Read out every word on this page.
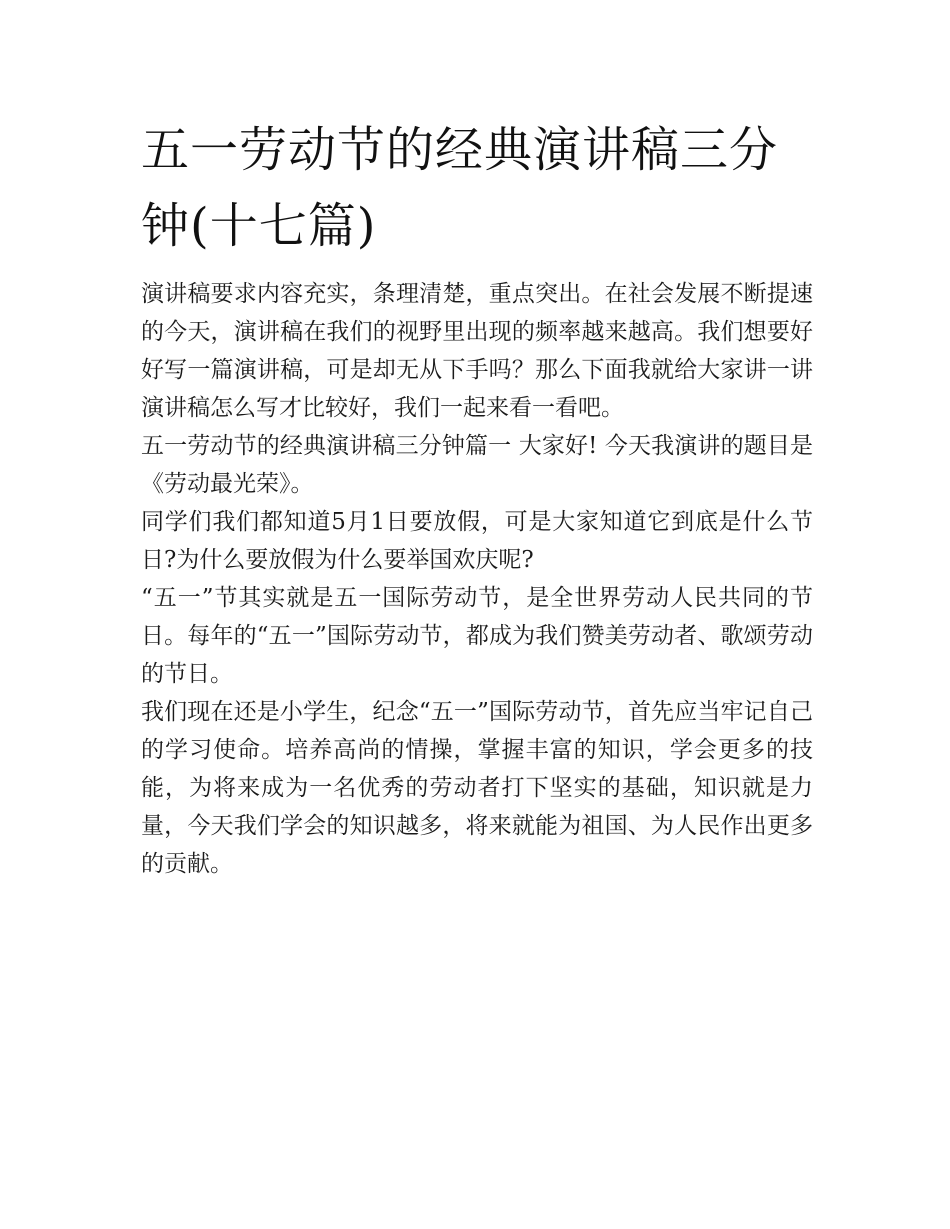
五一劳动节的经典演讲稿三分钟(十七篇)

演讲稿要求内容充实，条理清楚，重点突出。在社会发展不断提速的今天，演讲稿在我们的视野里出现的频率越来越高。我们想要好好写一篇演讲稿，可是却无从下手吗？那么下面我就给大家讲一讲演讲稿怎么写才比较好，我们一起来看一看吧。

五一劳动节的经典演讲稿三分钟篇一 大家好! 今天我演讲的题目是《劳动最光荣》。

同学们我们都知道5月1日要放假，可是大家知道它到底是什么节日?为什么要放假为什么要举国欢庆呢?

“五一”节其实就是五一国际劳动节，是全世界劳动人民共同的节日。每年的“五一”国际劳动节，都成为我们赞美劳动者、歌颂劳动的节日。

我们现在还是小学生，纪念“五一”国际劳动节，首先应当牢记自己的学习使命。培养高尚的情操，掌握丰富的知识，学会更多的技能，为将来成为一名优秀的劳动者打下坚实的基础，知识就是力量，今天我们学会的知识越多，将来就能为祖国、为人民作出更多的贡献。
